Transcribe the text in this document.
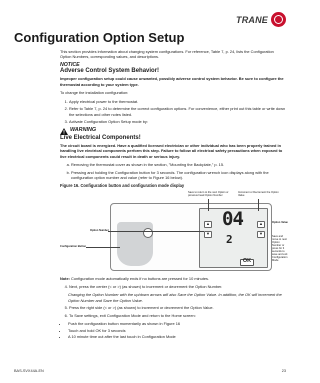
TRANE
Configuration Option Setup

This section provides information about changing system configurations. For reference, Table 7, p. 24, lists the Configuration Option Numbers, corresponding values, and descriptions.

NOTICE
Adverse Control System Behavior!

Improper configuration setup could cause unwanted, possibly adverse control system behavior. Be sure to configure the thermostat according to your system type.

To change the installation configuration:

1. Apply electrical power to the thermostat.
2. Refer to Table 7, p. 24 to determine the correct configuration options. For convenience, either print out this table or write down the selections and other notes listed.
3. Activate Configuration Option Setup mode by:
WARNING
Live Electrical Components!

The circuit board is energized. Have a qualified licensed electrician or other individual who has been properly trained in handling live electrical components perform this step. Failure to follow all electrical safety precautions when exposed to live electrical components could result in death or serious injury.

a. Removing the thermostat cover as shown in the section, "Mounting the Backplate," p. 15.
b. Pressing and holding the Configuration button for 3 seconds. The configuration wrench icon displays along with the configuration option number and value (refer to Figure 16 below).
Figure 16. Configuration button and configuration mode display
Save to return to the next Option or previous head Option Number
Increment or Decrement the Option Value
04
2
▲
▼
▲
▼
OK
Option Value
Save and move to next Option Number or press for 3 seconds to save and exit Configuration Mode
Option Number
Configuration Button

Note: Configuration mode automatically ends if no buttons are pressed for 10 minutes.

4. Next, press the center (< or >) (as shown) to increment or decrement the Option Number.
Changing the Option Number with the up/down arrows will also Save the Option Value. In addition, the OK will increment the Option Number and Save the Option Value.
5. Press the right side (< or >) (as shown) to increment or decrement the Option Value.
6. To Save settings, exit Configuration Mode and return to the Home screen:
• Push the configuration button momentarily as shown in Figure 16
• Touch and hold OK for 3 seconds
• A 10 minute time out after the last touch in Configuration Mode
BAS-SVX44A-EN	23
